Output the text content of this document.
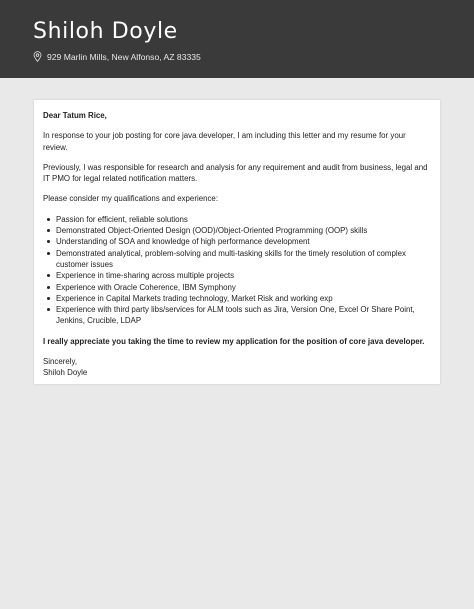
Shiloh Doyle
929 Marlin Mills, New Alfonso, AZ 83335

Dear Tatum Rice,

In response to your job posting for core java developer, I am including this letter and my resume for your review.

Previously, I was responsible for research and analysis for any requirement and audit from business, legal and IT PMO for legal related notification matters.

Please consider my qualifications and experience:

Passion for efficient, reliable solutions
Demonstrated Object-Oriented Design (OOD)/Object-Oriented Programming (OOP) skills
Understanding of SOA and knowledge of high performance development
Demonstrated analytical, problem-solving and multi-tasking skills for the timely resolution of complex customer issues
Experience in time-sharing across multiple projects
Experience with Oracle Coherence, IBM Symphony
Experience in Capital Markets trading technology, Market Risk and working exp
Experience with third party libs/services for ALM tools such as Jira, Version One, Excel Or Share Point, Jenkins, Crucible, LDAP

I really appreciate you taking the time to review my application for the position of core java developer.

Sincerely,

Shiloh Doyle
